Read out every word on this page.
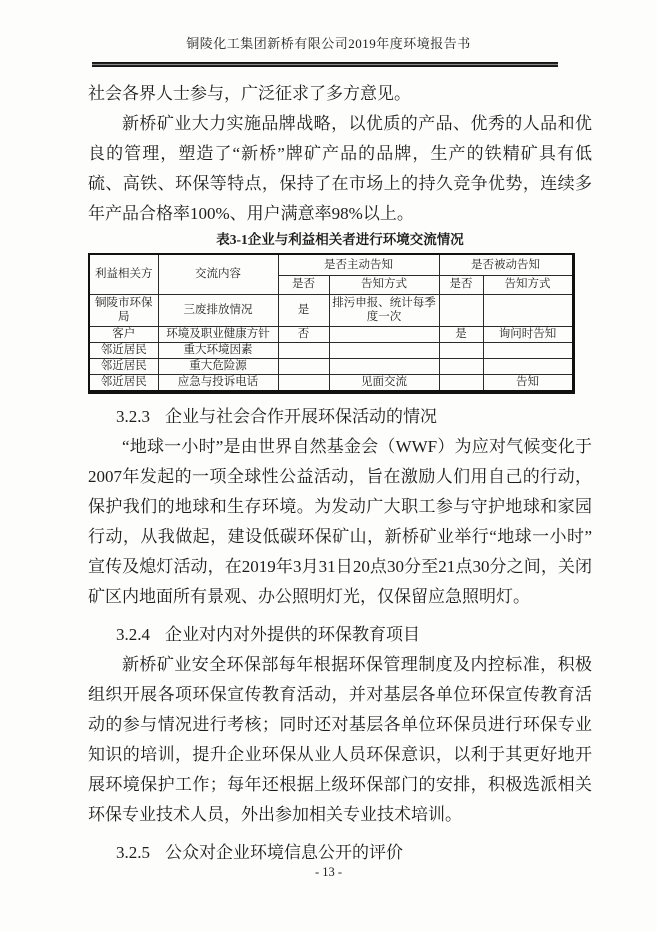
铜陵化工集团新桥有限公司2019年度环境报告书

社会各界人士参与，广泛征求了多方意见。

新桥矿业大力实施品牌战略，以优质的产品、优秀的人品和优良的管理，塑造了“新桥”牌矿产品的品牌，生产的铁精矿具有低硫、高铁、环保等特点，保持了在市场上的持久竞争优势，连续多年产品合格率100%、用户满意率98%以上。

表3-1企业与利益相关者进行环境交流情况

利益相关方	交流内容	是否主动告知		是否被动告知	
		是否	告知方式	是否	告知方式
铜陵市环保局	三废排放情况	是	排污申报、统计每季度一次		
客户	环境及职业健康方针	否		是	询问时告知
邻近居民	重大环境因素				
邻近居民	重大危险源				
邻近居民	应急与投诉电话		见面交流		告知

3.2.3 企业与社会合作开展环保活动的情况

“地球一小时”是由世界自然基金会（WWF）为应对气候变化于2007年发起的一项全球性公益活动，旨在激励人们用自己的行动，保护我们的地球和生存环境。为发动广大职工参与守护地球和家园行动，从我做起，建设低碳环保矿山，新桥矿业举行“地球一小时”宣传及熄灯活动，在2019年3月31日20点30分至21点30分之间，关闭矿区内地面所有景观、办公照明灯光，仅保留应急照明灯。

3.2.4 企业对内对外提供的环保教育项目

新桥矿业安全环保部每年根据环保管理制度及内控标准，积极组织开展各项环保宣传教育活动，并对基层各单位环保宣传教育活动的参与情况进行考核；同时还对基层各单位环保员进行环保专业知识的培训，提升企业环保从业人员环保意识，以利于其更好地开展环境保护工作；每年还根据上级环保部门的安排，积极选派相关环保专业技术人员，外出参加相关专业技术培训。

3.2.5 公众对企业环境信息公开的评价

- 13 -
